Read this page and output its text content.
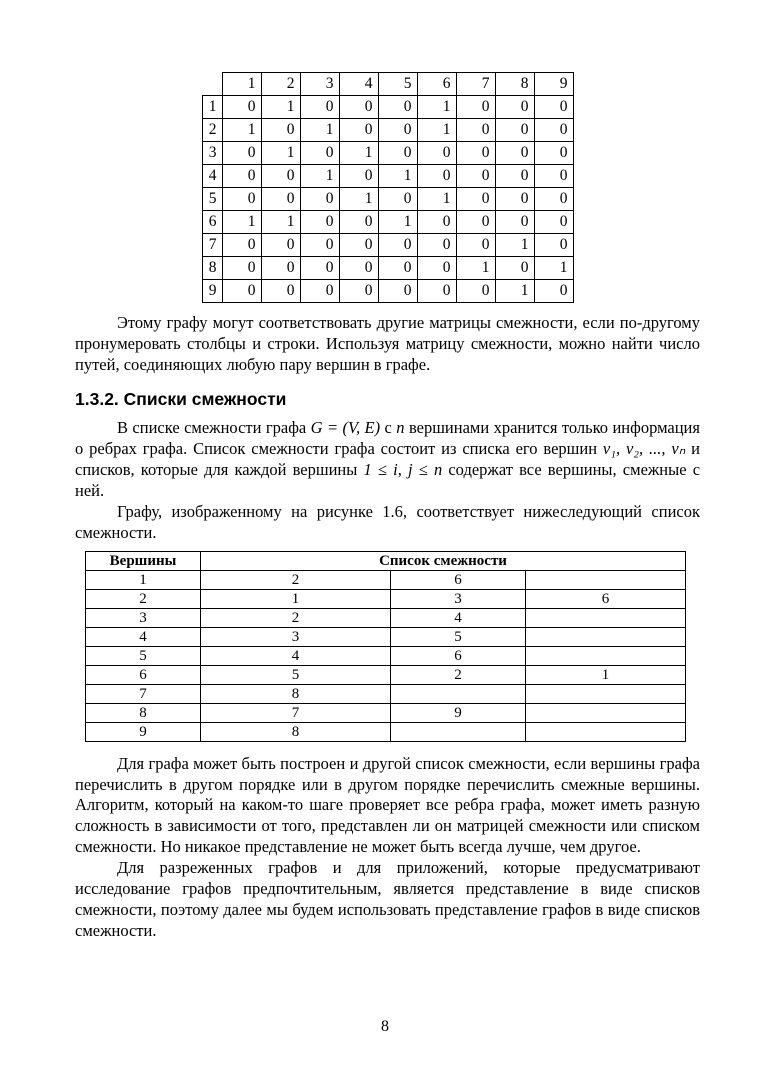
	1	2	3	4	5	6	7	8	9
1	0	1	0	0	0	1	0	0	0
2	1	0	1	0	0	1	0	0	0
3	0	1	0	1	0	0	0	0	0
4	0	0	1	0	1	0	0	0	0
5	0	0	0	1	0	1	0	0	0
6	1	1	0	0	1	0	0	0	0
7	0	0	0	0	0	0	0	1	0
8	0	0	0	0	0	0	1	0	1
9	0	0	0	0	0	0	0	1	0

Этому графу могут соответствовать другие матрицы смежности, если по-другому пронумеровать столбцы и строки. Используя матрицу смежности, можно найти число путей, соединяющих любую пару вершин в графе.

1.3.2. Списки смежности

В списке смежности графа G = (V, E) с n вершинами хранится только информация о ребрах графа. Список смежности графа состоит из списка его вершин v₁, v₂, ..., vₙ и списков, которые для каждой вершины 1 ≤ i, j ≤ n содержат все вершины, смежные с ней.

Графу, изображенному на рисунке 1.6, соответствует нижеследующий список смежности.

Вершины	Список смежности		
1	2	6	
2	1	3	6
3	2	4	
4	3	5	
5	4	6	
6	5	2	1
7	8		
8	7	9	
9	8		

Для графа может быть построен и другой список смежности, если вершины графа перечислить в другом порядке или в другом порядке перечислить смежные вершины. Алгоритм, который на каком-то шаге проверяет все ребра графа, может иметь разную сложность в зависимости от того, представлен ли он матрицей смежности или списком смежности. Но никакое представление не может быть всегда лучше, чем другое.

Для разреженных графов и для приложений, которые предусматривают исследование графов предпочтительным, является представление в виде списков смежности, поэтому далее мы будем использовать представление графов в виде списков смежности.

8
